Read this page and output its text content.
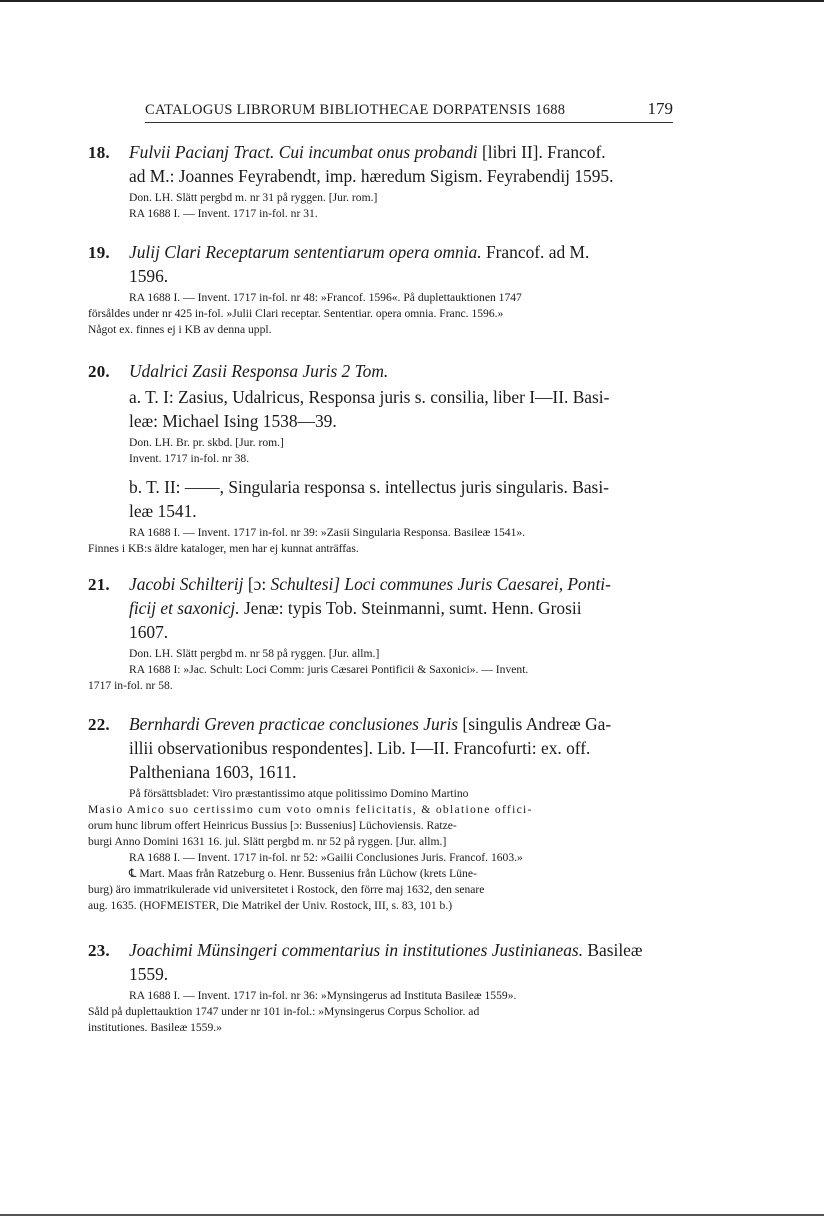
CATALOGUS LIBRORUM BIBLIOTHECAE DORPATENSIS 1688	179
18. Fulvii Pacianj Tract. Cui incumbat onus probandi [libri II]. Francof.
ad M.: Joannes Feyrabendt, imp. hæredum Sigism. Feyrabendij 1595.
Don. LH. Slätt pergbd m. nr 31 på ryggen. [Jur. rom.]
RA 1688 I. — Invent. 1717 in-fol. nr 31.
19. Julij Clari Receptarum sententiarum opera omnia. Francof. ad M.
1596.
RA 1688 I. — Invent. 1717 in-fol. nr 48: »Francof. 1596«. På duplettauktionen 1747
försåldes under nr 425 in-fol. »Julii Clari receptar. Sententiar. opera omnia. Franc. 1596.»
Något ex. finnes ej i KB av denna uppl.
20. Udalrici Zasii Responsa Juris 2 Tom.
a. T. I: Zasius, Udalricus, Responsa juris s. consilia, liber I—II. Basi-
leæ: Michael Ising 1538—39.
Don. LH. Br. pr. skbd. [Jur. rom.]
Invent. 1717 in-fol. nr 38.
b. T. II: ——, Singularia responsa s. intellectus juris singularis. Basi-
leæ 1541.
RA 1688 I. — Invent. 1717 in-fol. nr 39: »Zasii Singularia Responsa. Basileæ 1541».
Finnes i KB:s äldre kataloger, men har ej kunnat anträffas.
21. Jacobi Schilterij [ɔ: Schultesi] Loci communes Juris Caesarei, Ponti-
ficij et saxonicj. Jenæ: typis Tob. Steinmanni, sumt. Henn. Grosii
1607.
Don. LH. Slätt pergbd m. nr 58 på ryggen. [Jur. allm.]
RA 1688 I: »Jac. Schult: Loci Comm: juris Cæsarei Pontificii & Saxonici». — Invent.
1717 in-fol. nr 58.
22. Bernhardi Greven practicae conclusiones Juris [singulis Andreæ Ga-
illii observationibus respondentes]. Lib. I—II. Francofurti: ex. off.
Paltheniana 1603, 1611.
På försättsbladet: Viro præstantissimo atque politissimo Domino Martino
Masio Amico suo certissimo cum voto omnis felicitatis, & oblatione offici-
orum hunc librum offert Heinricus Bussius [ɔ: Bussenius] Lüchoviensis. Ratze-
burgi Anno Domini 1631 16. jul. Slätt pergbd m. nr 52 på ryggen. [Jur. allm.]
RA 1688 I. — Invent. 1717 in-fol. nr 52: »Gailii Conclusiones Juris. Francof. 1603.»
℄ Mart. Maas från Ratzeburg o. Henr. Bussenius från Lüchow (krets Lüne-
burg) äro immatrikulerade vid universitetet i Rostock, den förre maj 1632, den senare
aug. 1635. (HOFMEISTER, Die Matrikel der Univ. Rostock, III, s. 83, 101 b.)
23. Joachimi Münsingeri commentarius in institutiones Justinianeas. Basileæ
1559.
RA 1688 I. — Invent. 1717 in-fol. nr 36: »Mynsingerus ad Instituta Basileæ 1559».
Såld på duplettauktion 1747 under nr 101 in-fol.: »Mynsingerus Corpus Scholior. ad
institutiones. Basileæ 1559.»
